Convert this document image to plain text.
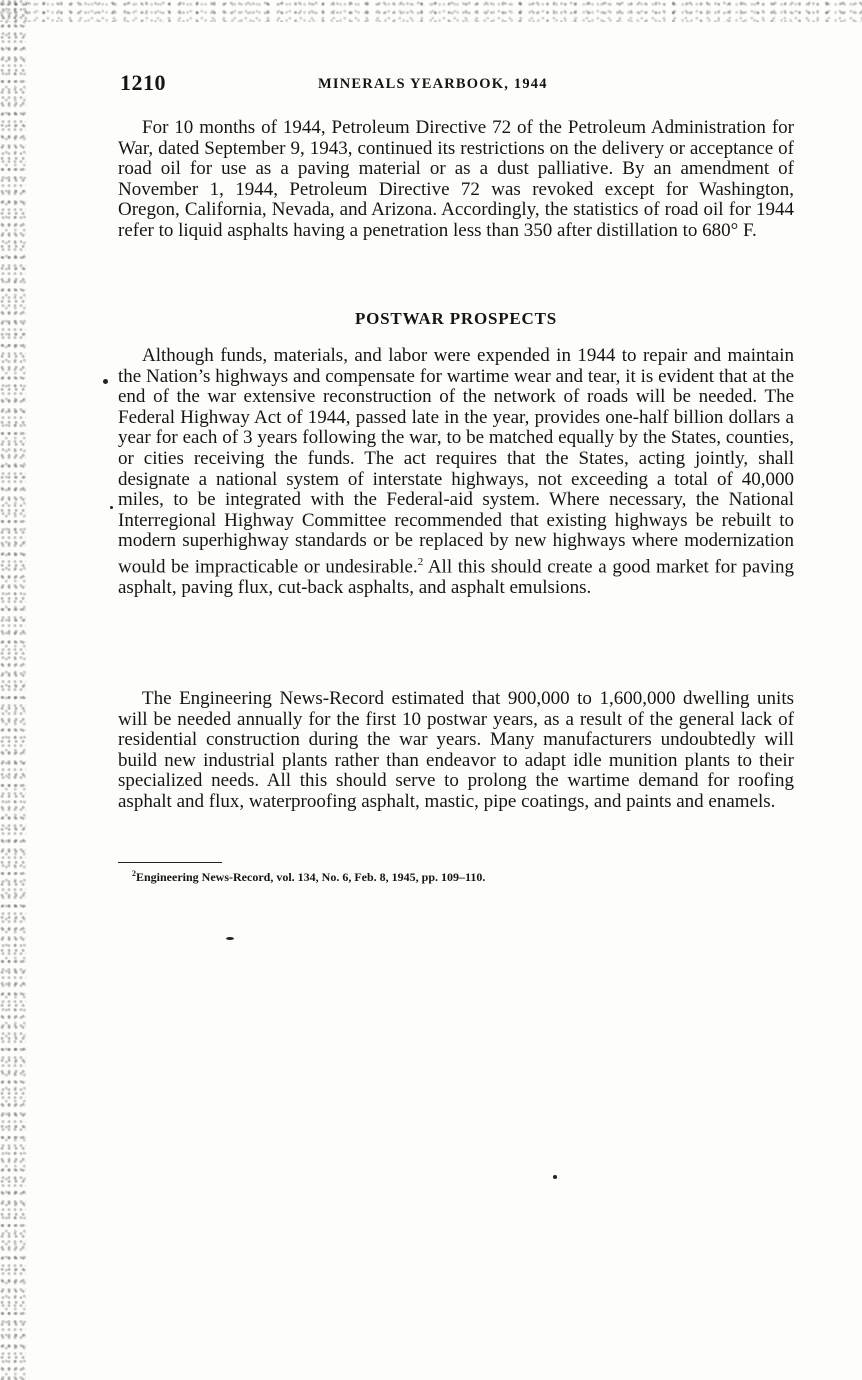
1210	MINERALS YEARBOOK, 1944

For 10 months of 1944, Petroleum Directive 72 of the Petroleum Administration for War, dated September 9, 1943, continued its restrictions on the delivery or acceptance of road oil for use as a paving material or as a dust palliative. By an amendment of November 1, 1944, Petroleum Directive 72 was revoked except for Washington, Oregon, California, Nevada, and Arizona. Accordingly, the statistics of road oil for 1944 refer to liquid asphalts having a penetration less than 350 after distillation to 680° F.

POSTWAR PROSPECTS

Although funds, materials, and labor were expended in 1944 to repair and maintain the Nation’s highways and compensate for wartime wear and tear, it is evident that at the end of the war extensive reconstruction of the network of roads will be needed. The Federal Highway Act of 1944, passed late in the year, provides one-half billion dollars a year for each of 3 years following the war, to be matched equally by the States, counties, or cities receiving the funds. The act requires that the States, acting jointly, shall designate a national system of interstate highways, not exceeding a total of 40,000 miles, to be integrated with the Federal-aid system. Where necessary, the National Interregional Highway Committee recommended that existing highways be rebuilt to modern superhighway standards or be replaced by new highways where modernization would be impracticable or undesirable.$^2$ All this should create a good market for paving asphalt, paving flux, cut-back asphalts, and asphalt emulsions.

The Engineering News-Record estimated that 900,000 to 1,600,000 dwelling units will be needed annually for the first 10 postwar years, as a result of the general lack of residential construction during the war years. Many manufacturers undoubtedly will build new industrial plants rather than endeavor to adapt idle munition plants to their specialized needs. All this should serve to prolong the wartime demand for roofing asphalt and flux, waterproofing asphalt, mastic, pipe coatings, and paints and enamels.

$^2$Engineering News-Record, vol. 134, No. 6, Feb. 8, 1945, pp. 109–110.
